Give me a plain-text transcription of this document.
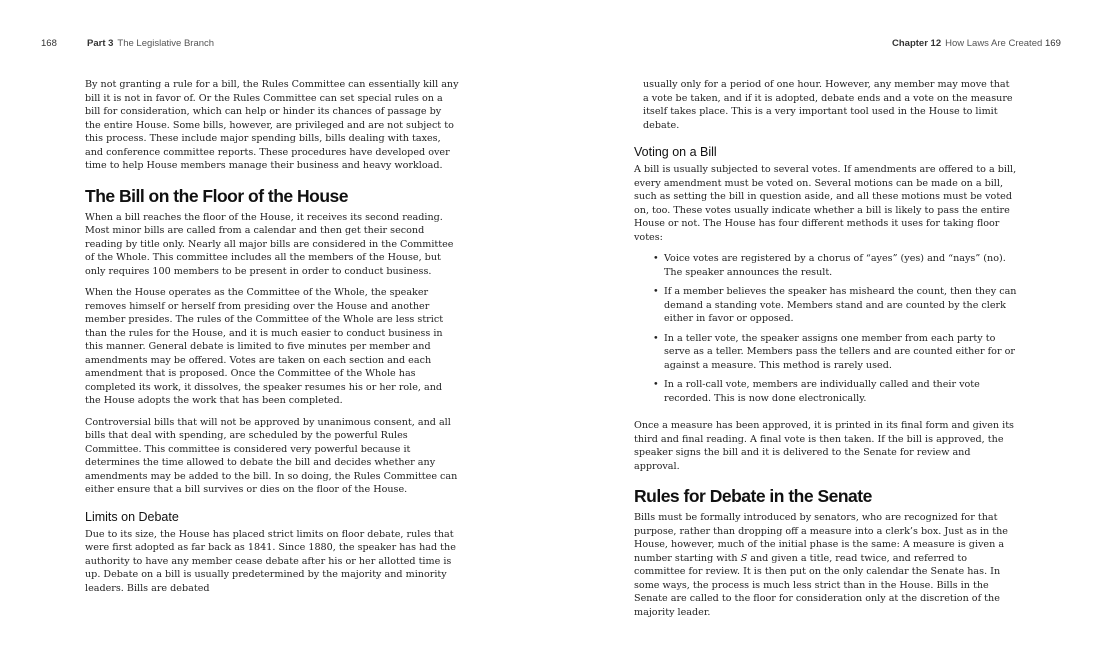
168	Part 3 The Legislative Branch

By not granting a rule for a bill, the Rules Committee can essentially kill any bill it is not in favor of. Or the Rules Committee can set special rules on a bill for consideration, which can help or hinder its chances of passage by the entire House. Some bills, however, are privileged and are not subject to this process. These include major spending bills, bills dealing with taxes, and conference committee reports. These procedures have developed over time to help House members manage their business and heavy workload.

The Bill on the Floor of the House

When a bill reaches the floor of the House, it receives its second reading. Most minor bills are called from a calendar and then get their second reading by title only. Nearly all major bills are considered in the Committee of the Whole. This committee includes all the members of the House, but only requires 100 members to be present in order to conduct business.

When the House operates as the Committee of the Whole, the speaker removes himself or herself from presiding over the House and another member presides. The rules of the Committee of the Whole are less strict than the rules for the House, and it is much easier to conduct business in this manner. General debate is limited to five minutes per member and amendments may be offered. Votes are taken on each section and each amendment that is proposed. Once the Committee of the Whole has completed its work, it dissolves, the speaker resumes his or her role, and the House adopts the work that has been completed.

Controversial bills that will not be approved by unanimous consent, and all bills that deal with spending, are scheduled by the powerful Rules Committee. This committee is considered very powerful because it determines the time allowed to debate the bill and decides whether any amendments may be added to the bill. In so doing, the Rules Committee can either ensure that a bill survives or dies on the floor of the House.

Limits on Debate

Due to its size, the House has placed strict limits on floor debate, rules that were first adopted as far back as 1841. Since 1880, the speaker has had the authority to have any member cease debate after his or her allotted time is up. Debate on a bill is usually predetermined by the majority and minority leaders. Bills are debated

Chapter 12 How Laws Are Created 169

usually only for a period of one hour. However, any member may move that a vote be taken, and if it is adopted, debate ends and a vote on the measure itself takes place. This is a very important tool used in the House to limit debate.

Voting on a Bill

A bill is usually subjected to several votes. If amendments are offered to a bill, every amendment must be voted on. Several motions can be made on a bill, such as setting the bill in question aside, and all these motions must be voted on, too. These votes usually indicate whether a bill is likely to pass the entire House or not. The House has four different methods it uses for taking floor votes:

• Voice votes are registered by a chorus of “ayes” (yes) and “nays” (no). The speaker announces the result.
• If a member believes the speaker has misheard the count, then they can demand a standing vote. Members stand and are counted by the clerk either in favor or opposed.
• In a teller vote, the speaker assigns one member from each party to serve as a teller. Members pass the tellers and are counted either for or against a measure. This method is rarely used.
• In a roll-call vote, members are individually called and their vote recorded. This is now done electronically.

Once a measure has been approved, it is printed in its final form and given its third and final reading. A final vote is then taken. If the bill is approved, the speaker signs the bill and it is delivered to the Senate for review and approval.

Rules for Debate in the Senate

Bills must be formally introduced by senators, who are recognized for that purpose, rather than dropping off a measure into a clerk’s box. Just as in the House, however, much of the initial phase is the same: A measure is given a number starting with S and given a title, read twice, and referred to committee for review. It is then put on the only calendar the Senate has. In some ways, the process is much less strict than in the House. Bills in the Senate are called to the floor for consideration only at the discretion of the majority leader.
